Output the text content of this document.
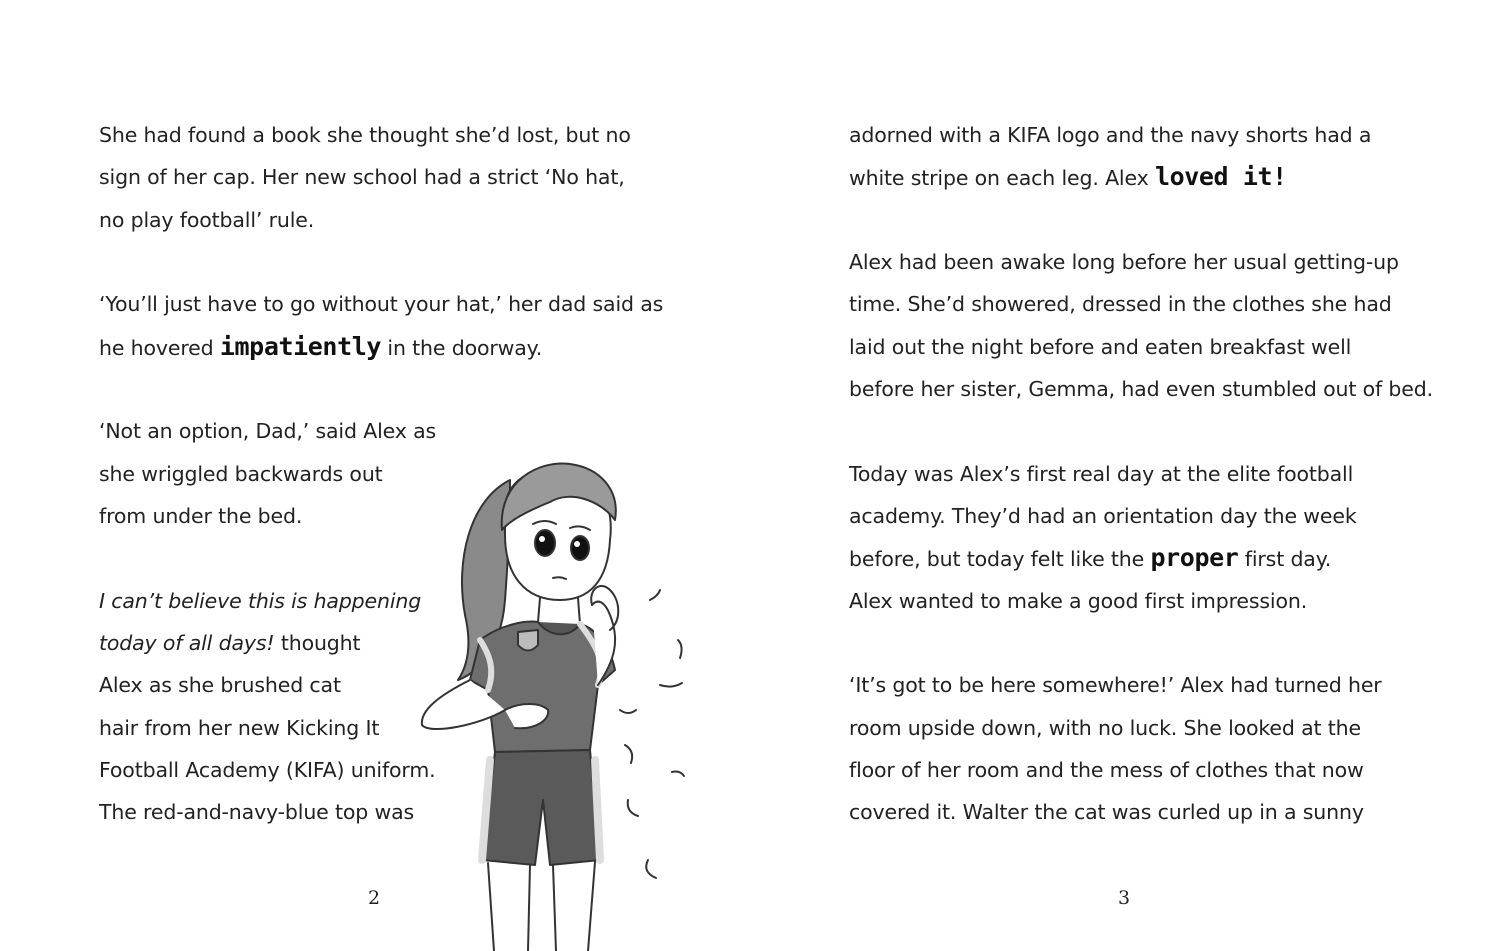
She had found a book she thought she’d lost, but no

sign of her cap. Her new school had a strict ‘No hat,

no play football’ rule.

‘You’ll just have to go without your hat,’ her dad said as

he hovered impatiently in the doorway.

‘Not an option, Dad,’ said Alex as

she wriggled backwards out

from under the bed.

I can’t believe this is happening

today of all days! thought

Alex as she brushed cat

hair from her new Kicking It

Football Academy (KIFA) uniform.

The red-and-navy-blue top was

2

adorned with a KIFA logo and the navy shorts had a

white stripe on each leg. Alex loved it!

Alex had been awake long before her usual getting-up

time. She’d showered, dressed in the clothes she had

laid out the night before and eaten breakfast well

before her sister, Gemma, had even stumbled out of bed.

Today was Alex’s first real day at the elite football

academy. They’d had an orientation day the week

before, but today felt like the proper first day.

Alex wanted to make a good first impression.

‘It’s got to be here somewhere!’ Alex had turned her

room upside down, with no luck. She looked at the

floor of her room and the mess of clothes that now

covered it. Walter the cat was curled up in a sunny

3
